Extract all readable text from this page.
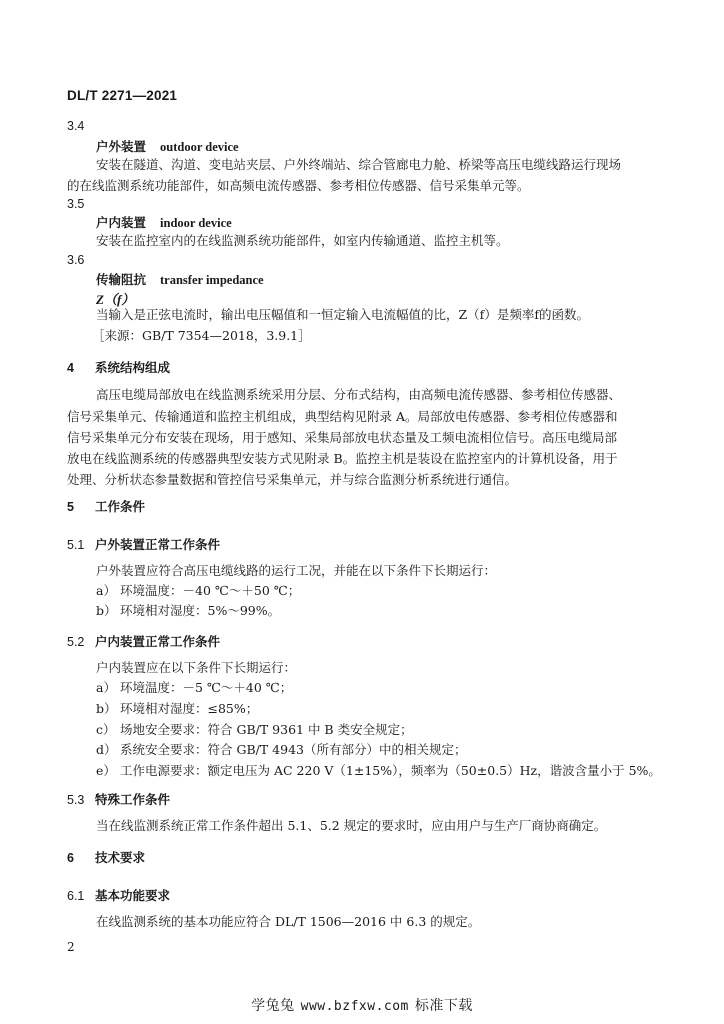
DL/T 2271—2021
3.4
户外装置 outdoor device
安装在隧道、沟道、变电站夹层、户外终端站、综合管廊电力舱、桥梁等高压电缆线路运行现场
的在线监测系统功能部件，如高频电流传感器、参考相位传感器、信号采集单元等。
3.5
户内装置 indoor device
安装在监控室内的在线监测系统功能部件，如室内传输通道、监控主机等。
3.6
传输阻抗 transfer impedance
Z（f）
当输入是正弦电流时，输出电压幅值和一恒定输入电流幅值的比，Z（f）是频率f的函数。
［来源：GB/T 7354—2018，3.9.1］
4 系统结构组成
高压电缆局部放电在线监测系统采用分层、分布式结构，由高频电流传感器、参考相位传感器、
信号采集单元、传输通道和监控主机组成，典型结构见附录 A。局部放电传感器、参考相位传感器和
信号采集单元分布安装在现场，用于感知、采集局部放电状态量及工频电流相位信号。高压电缆局部
放电在线监测系统的传感器典型安装方式见附录 B。监控主机是装设在监控室内的计算机设备，用于
处理、分析状态参量数据和管控信号采集单元，并与综合监测分析系统进行通信。
5 工作条件
5.1 户外装置正常工作条件
户外装置应符合高压电缆线路的运行工况，并能在以下条件下长期运行：
a） 环境温度：－40 ℃～＋50 ℃；
b） 环境相对湿度：5%～99%。
5.2 户内装置正常工作条件
户内装置应在以下条件下长期运行：
a） 环境温度：－5 ℃～＋40 ℃；
b） 环境相对湿度：≤85%；
c） 场地安全要求：符合 GB/T 9361 中 B 类安全规定；
d） 系统安全要求：符合 GB/T 4943（所有部分）中的相关规定；
e） 工作电源要求：额定电压为 AC 220 V（1±15%），频率为（50±0.5）Hz，谐波含量小于 5%。
5.3 特殊工作条件
当在线监测系统正常工作条件超出 5.1、5.2 规定的要求时，应由用户与生产厂商协商确定。
6 技术要求
6.1 基本功能要求
在线监测系统的基本功能应符合 DL/T 1506—2016 中 6.3 的规定。
2
学兔兔 www.bzfxw.com 标准下载
